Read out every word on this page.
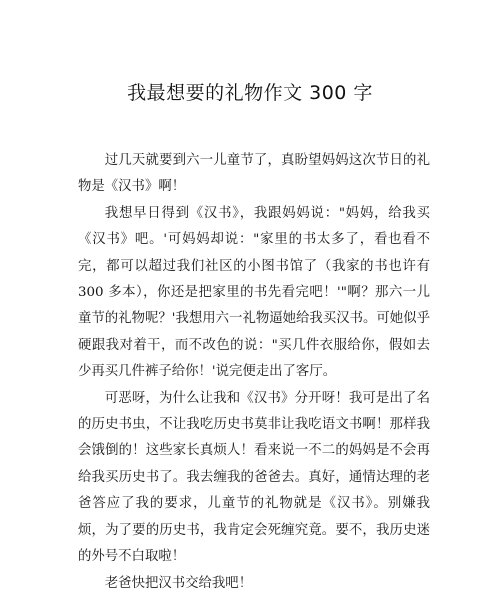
我最想要的礼物作文 300 字

过几天就要到六一儿童节了，真盼望妈妈这次节日的礼物是《汉书》啊！

我想早日得到《汉书》，我跟妈妈说："妈妈，给我买《汉书》吧。'可妈妈却说："家里的书太多了，看也看不完，都可以超过我们社区的小图书馆了（我家的书也许有 300 多本），你还是把家里的书先看完吧！'"啊？那六一儿童节的礼物呢？'我想用六一礼物逼她给我买汉书。可她似乎硬跟我对着干，而不改色的说："买几件衣服给你，假如去少再买几件裤子给你！'说完便走出了客厅。

可恶呀，为什么让我和《汉书》分开呀！我可是出了名的历史书虫，不让我吃历史书莫非让我吃语文书啊！那样我会饿倒的！这些家长真烦人！看来说一不二的妈妈是不会再给我买历史书了。我去缠我的爸爸去。真好，通情达理的老爸答应了我的要求，儿童节的礼物就是《汉书》。别嫌我烦，为了要的历史书，我肯定会死缠究竟。要不，我历史迷的外号不白取啦！

老爸快把汉书交给我吧！
